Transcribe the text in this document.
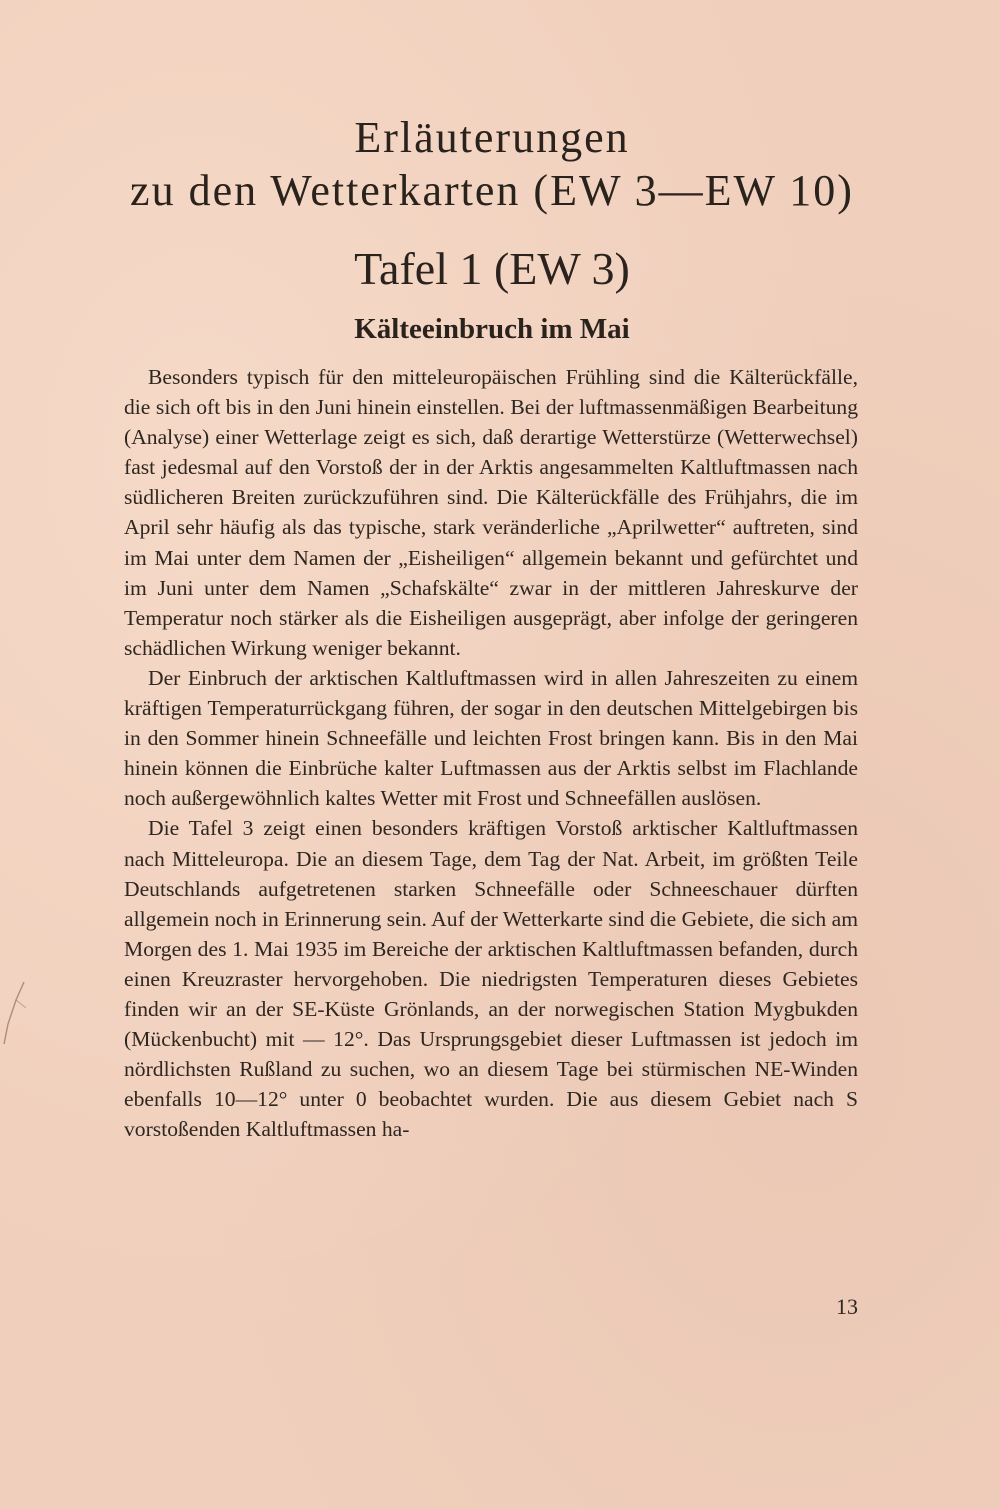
Erläuterungen
zu den Wetterkarten (EW 3—EW 10)
Tafel 1 (EW 3)
Kälteeinbruch im Mai

Besonders typisch für den mitteleuropäischen Frühling sind die Kälterückfälle, die sich oft bis in den Juni hinein einstellen. Bei der luftmassenmäßigen Bearbeitung (Analyse) einer Wetterlage zeigt es sich, daß derartige Wetterstürze (Wetterwechsel) fast jedesmal auf den Vorstoß der in der Arktis angesammelten Kaltluftmassen nach südlicheren Breiten zurückzuführen sind. Die Kälterückfälle des Frühjahrs, die im April sehr häufig als das typische, stark veränderliche „Aprilwetter“ auftreten, sind im Mai unter dem Namen der „Eisheiligen“ allgemein bekannt und gefürchtet und im Juni unter dem Namen „Schafskälte“ zwar in der mittleren Jahreskurve der Temperatur noch stärker als die Eisheiligen ausgeprägt, aber infolge der geringeren schädlichen Wirkung weniger bekannt.

Der Einbruch der arktischen Kaltluftmassen wird in allen Jahreszeiten zu einem kräftigen Temperaturrückgang führen, der sogar in den deutschen Mittelgebirgen bis in den Sommer hinein Schneefälle und leichten Frost bringen kann. Bis in den Mai hinein können die Einbrüche kalter Luftmassen aus der Arktis selbst im Flachlande noch außergewöhnlich kaltes Wetter mit Frost und Schneefällen auslösen.

Die Tafel 3 zeigt einen besonders kräftigen Vorstoß arktischer Kaltluftmassen nach Mitteleuropa. Die an diesem Tage, dem Tag der Nat. Arbeit, im größten Teile Deutschlands aufgetretenen starken Schneefälle oder Schneeschauer dürften allgemein noch in Erinnerung sein. Auf der Wetterkarte sind die Gebiete, die sich am Morgen des 1. Mai 1935 im Bereiche der arktischen Kaltluftmassen befanden, durch einen Kreuzraster hervorgehoben. Die niedrigsten Temperaturen dieses Gebietes finden wir an der SE-Küste Grönlands, an der norwegischen Station Mygbukden (Mückenbucht) mit — 12°. Das Ursprungsgebiet dieser Luftmassen ist jedoch im nördlichsten Rußland zu suchen, wo an diesem Tage bei stürmischen NE-Winden ebenfalls 10—12° unter 0 beobachtet wurden. Die aus diesem Gebiet nach S vorstoßenden Kaltluftmassen ha-

13
